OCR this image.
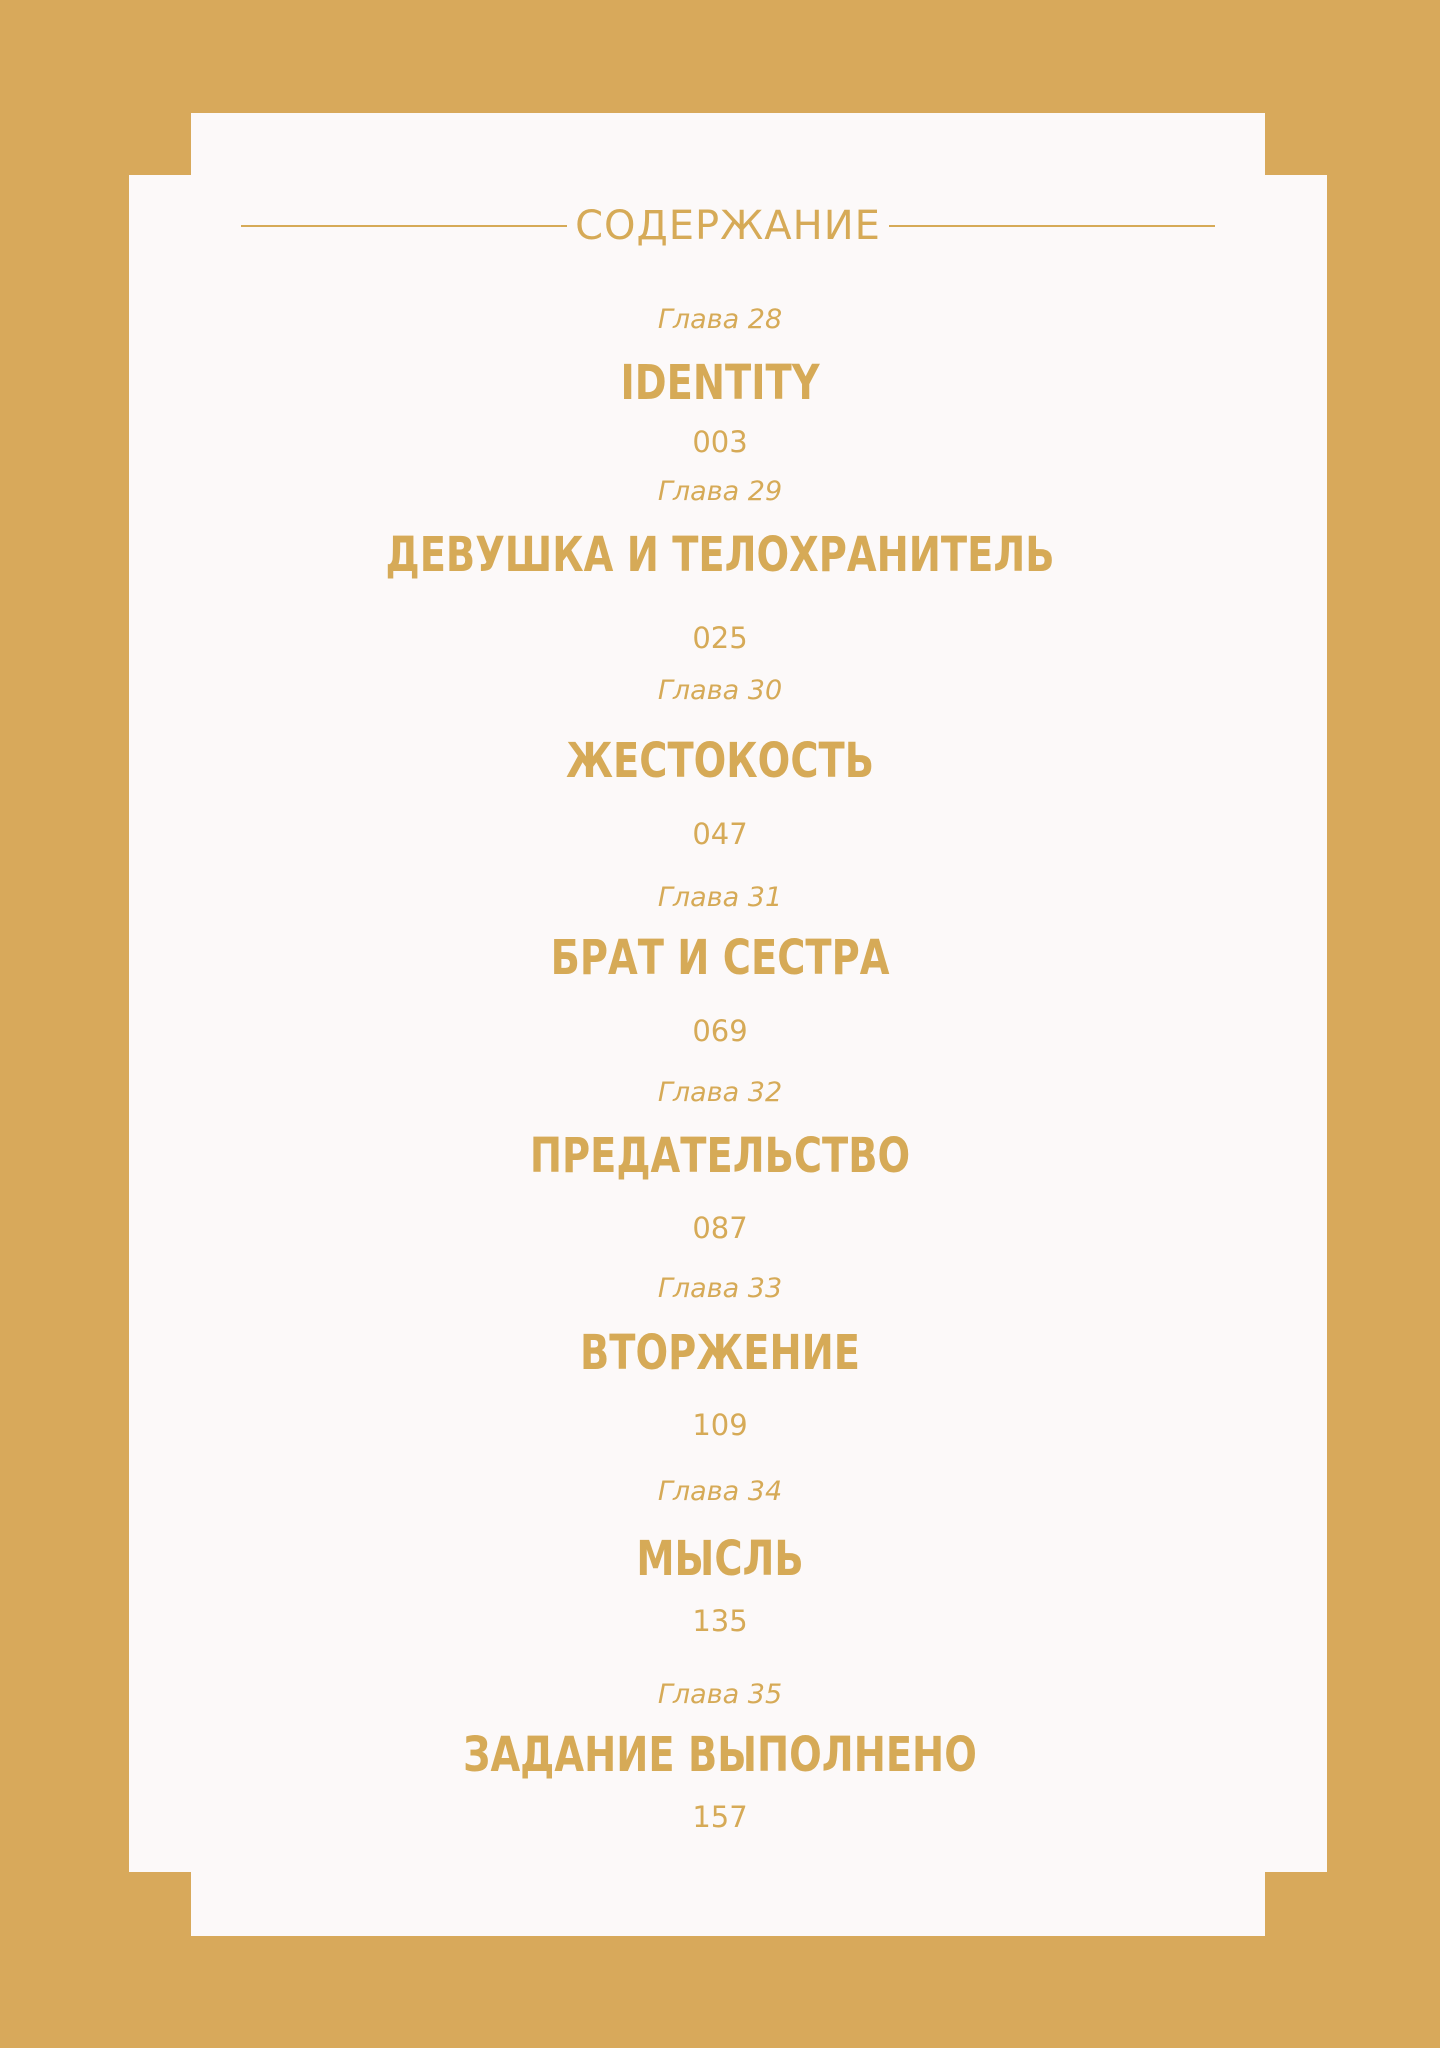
СОДЕРЖАНИЕ
Глава 28
IDENTITY
003
Глава 29
ДЕВУШКА И ТЕЛОХРАНИТЕЛЬ
025
Глава 30
ЖЕСТОКОСТЬ
047
Глава 31
БРАТ И СЕСТРА
069
Глава 32
ПРЕДАТЕЛЬСТВО
087
Глава 33
ВТОРЖЕНИЕ
109
Глава 34
МЫСЛЬ
135
Глава 35
ЗАДАНИЕ ВЫПОЛНЕНО
157
